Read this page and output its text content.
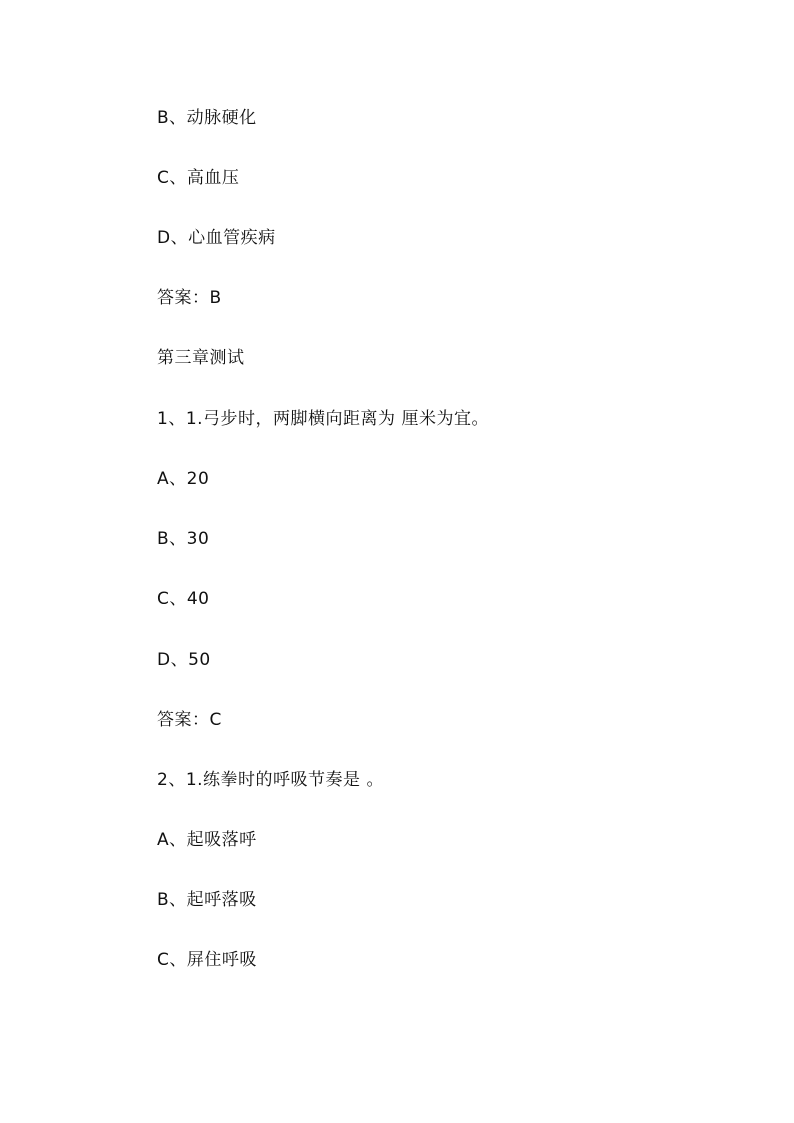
B、动脉硬化
C、高血压
D、心血管疾病
答案：B
第三章测试
1、1.弓步时，两脚横向距离为 厘米为宜。
A、20
B、30
C、40
D、50
答案：C
2、1.练拳时的呼吸节奏是 。
A、起吸落呼
B、起呼落吸
C、屏住呼吸
